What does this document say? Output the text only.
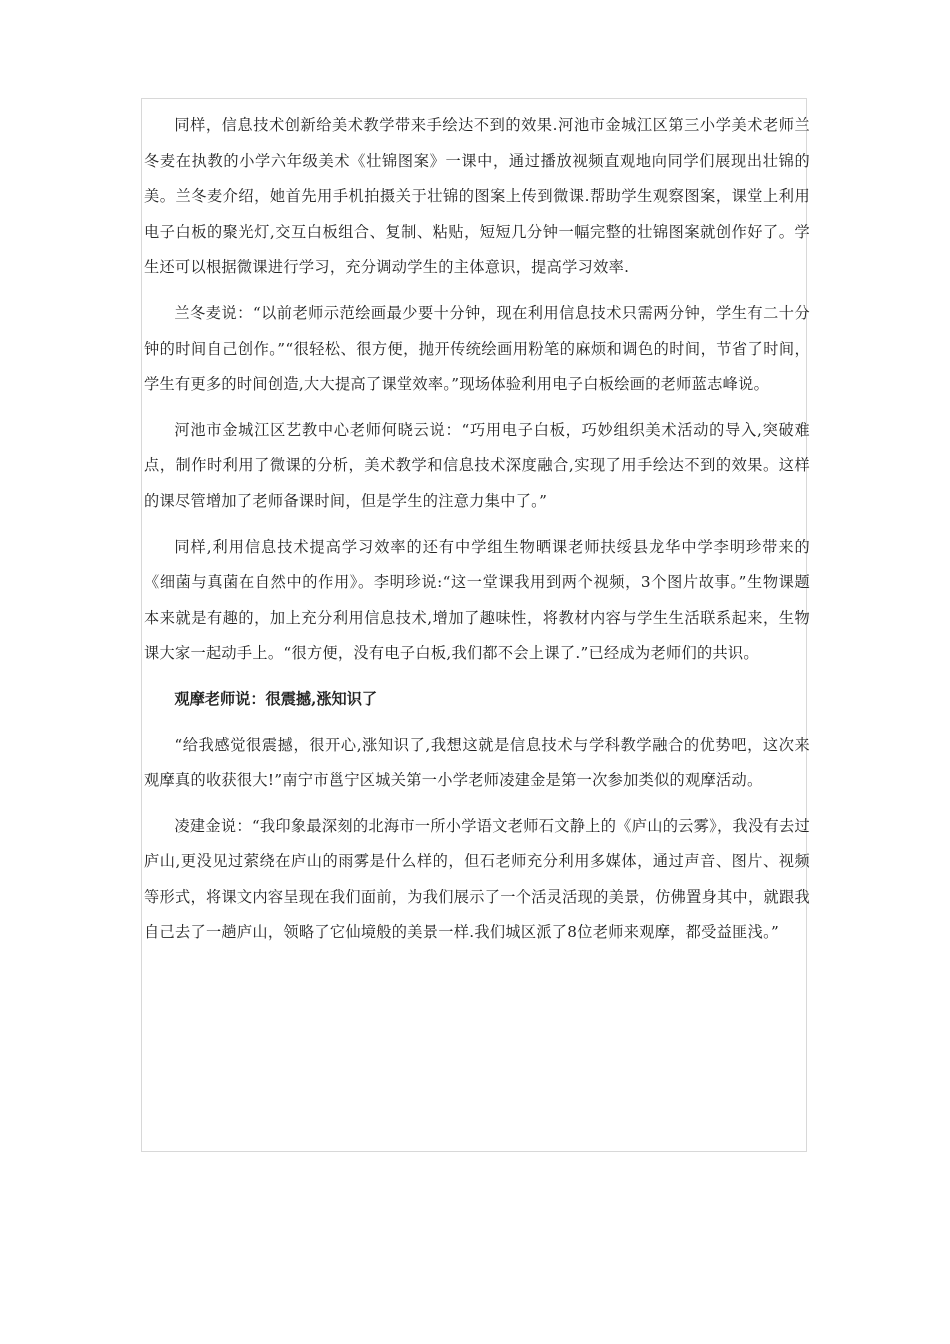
同样，信息技术创新给美术教学带来手绘达不到的效果.河池市金城江区第三小学美术老师兰冬麦在执教的小学六年级美术《壮锦图案》一课中，通过播放视频直观地向同学们展现出壮锦的美。兰冬麦介绍，她首先用手机拍摄关于壮锦的图案上传到微课.帮助学生观察图案，课堂上利用电子白板的聚光灯,交互白板组合、复制、粘贴，短短几分钟一幅完整的壮锦图案就创作好了。学生还可以根据微课进行学习，充分调动学生的主体意识，提高学习效率.

兰冬麦说：“以前老师示范绘画最少要十分钟，现在利用信息技术只需两分钟，学生有二十分钟的时间自己创作。”“很轻松、很方便，抛开传统绘画用粉笔的麻烦和调色的时间，节省了时间，学生有更多的时间创造,大大提高了课堂效率。”现场体验利用电子白板绘画的老师蓝志峰说。

河池市金城江区艺教中心老师何晓云说：“巧用电子白板，巧妙组织美术活动的导入,突破难点，制作时利用了微课的分析，美术教学和信息技术深度融合,实现了用手绘达不到的效果。这样的课尽管增加了老师备课时间，但是学生的注意力集中了。”

同样,利用信息技术提高学习效率的还有中学组生物晒课老师扶绥县龙华中学李明珍带来的《细菌与真菌在自然中的作用》。李明珍说:“这一堂课我用到两个视频，3个图片故事。”生物课题本来就是有趣的，加上充分利用信息技术,增加了趣味性，将教材内容与学生生活联系起来，生物课大家一起动手上。“很方便，没有电子白板,我们都不会上课了.”已经成为老师们的共识。

观摩老师说：很震撼,涨知识了

“给我感觉很震撼，很开心,涨知识了,我想这就是信息技术与学科教学融合的优势吧，这次来观摩真的收获很大!”南宁市邕宁区城关第一小学老师凌建金是第一次参加类似的观摩活动。

凌建金说：“我印象最深刻的北海市一所小学语文老师石文静上的《庐山的云雾》，我没有去过庐山,更没见过萦绕在庐山的雨雾是什么样的，但石老师充分利用多媒体，通过声音、图片、视频等形式，将课文内容呈现在我们面前，为我们展示了一个活灵活现的美景，仿佛置身其中，就跟我自己去了一趟庐山，领略了它仙境般的美景一样.我们城区派了8位老师来观摩，都受益匪浅。”
